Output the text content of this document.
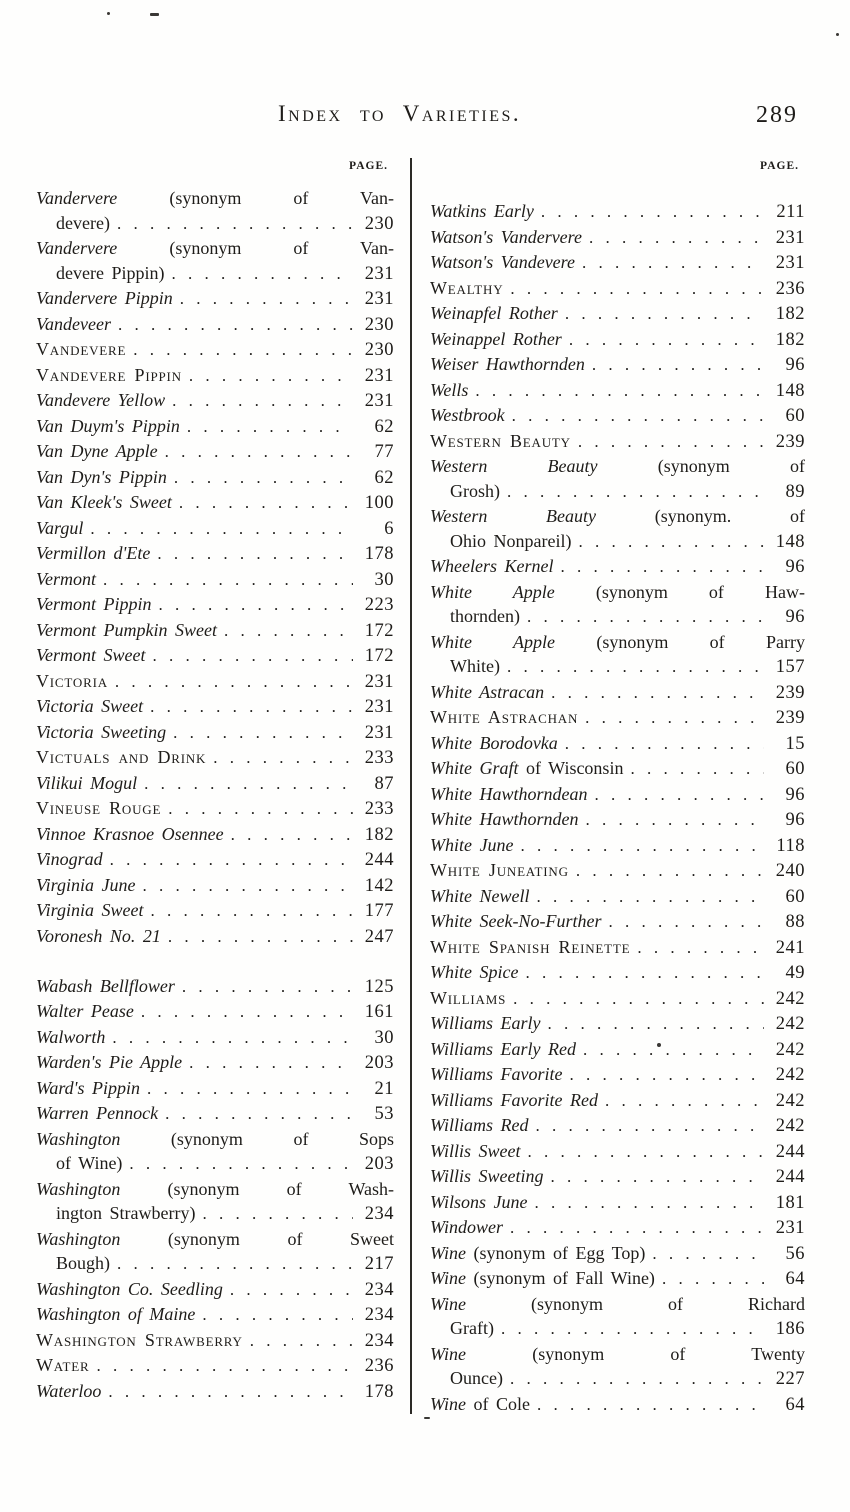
Index to Varieties.	289
PAGE.
Vandervere (synonym of Van-
devere) . . .	230
Vandervere (synonym of Van-
devere Pippin) . . .	231
Vandervere Pippin . . .	231
Vandeveer . . .	230
Vandevere . . .	230
Vandevere Pippin . . .	231
Vandevere Yellow . . .	231
Van Duym's Pippin . . .	62
Van Dyne Apple . . .	77
Van Dyn's Pippin . . .	62
Van Kleek's Sweet . . .	100
Vargul . . .	6
Vermillon d'Ete . . .	178
Vermont . . .	30
Vermont Pippin . . .	223
Vermont Pumpkin Sweet . . .	172
Vermont Sweet . . .	172
Victoria . . .	231
Victoria Sweet . . .	231
Victoria Sweeting . . .	231
Victuals and Drink . . .	233
Vilikui Mogul . . .	87
Vineuse Rouge . . .	233
Vinnoe Krasnoe Osennee . . .	182
Vinograd . . .	244
Virginia June . . .	142
Virginia Sweet . . .	177
Voronesh No. 21 . . .	247
Wabash Bellflower . . .	125
Walter Pease . . .	161
Walworth . . .	30
Warden's Pie Apple . . .	203
Ward's Pippin . . .	21
Warren Pennock . . .	53
Washington (synonym of Sops
of Wine) . . .	203
Washington (synonym of Wash-
ington Strawberry) . . .	234
Washington (synonym of Sweet
Bough) . . .	217
Washington Co. Seedling . . .	234
Washington of Maine . . .	234
Washington Strawberry . . .	234
Water . . .	236
Waterloo . . .	178
PAGE.
Watkins Early . . .	211
Watson's Vandervere . . .	231
Watson's Vandevere . . .	231
Wealthy . . .	236
Weinapfel Rother . . .	182
Weinappel Rother . . .	182
Weiser Hawthornden . . .	96
Wells . . .	148
Westbrook . . .	60
Western Beauty . . .	239
Western Beauty (synonym of
Grosh) . . .	89
Western Beauty (synonym. of
Ohio Nonpareil) . . .	148
Wheelers Kernel . . .	96
White Apple (synonym of Haw-
thornden) . . .	96
White Apple (synonym of Parry
White) . . .	157
White Astracan . . .	239
White Astrachan . . .	239
White Borodovka . . .	15
White Graft of Wisconsin . . .	60
White Hawthorndean . . .	96
White Hawthornden . . .	96
White June . . .	118
White Juneating . . .	240
White Newell . . .	60
White Seek-No-Further . . .	88
White Spanish Reinette . . .	241
White Spice . . .	49
Williams . . .	242
Williams Early . . .	242
Williams Early Red . . .	242
Williams Favorite . . .	242
Williams Favorite Red . . .	242
Williams Red . . .	242
Willis Sweet . . .	244
Willis Sweeting . . .	244
Wilsons June . . .	181
Windower . . .	231
Wine (synonym of Egg Top) . . .	56
Wine (synonym of Fall Wine) . . .	64
Wine (synonym of Richard
Graft) . . .	186
Wine (synonym of Twenty
Ounce) . . .	227
Wine of Cole . . .	64
